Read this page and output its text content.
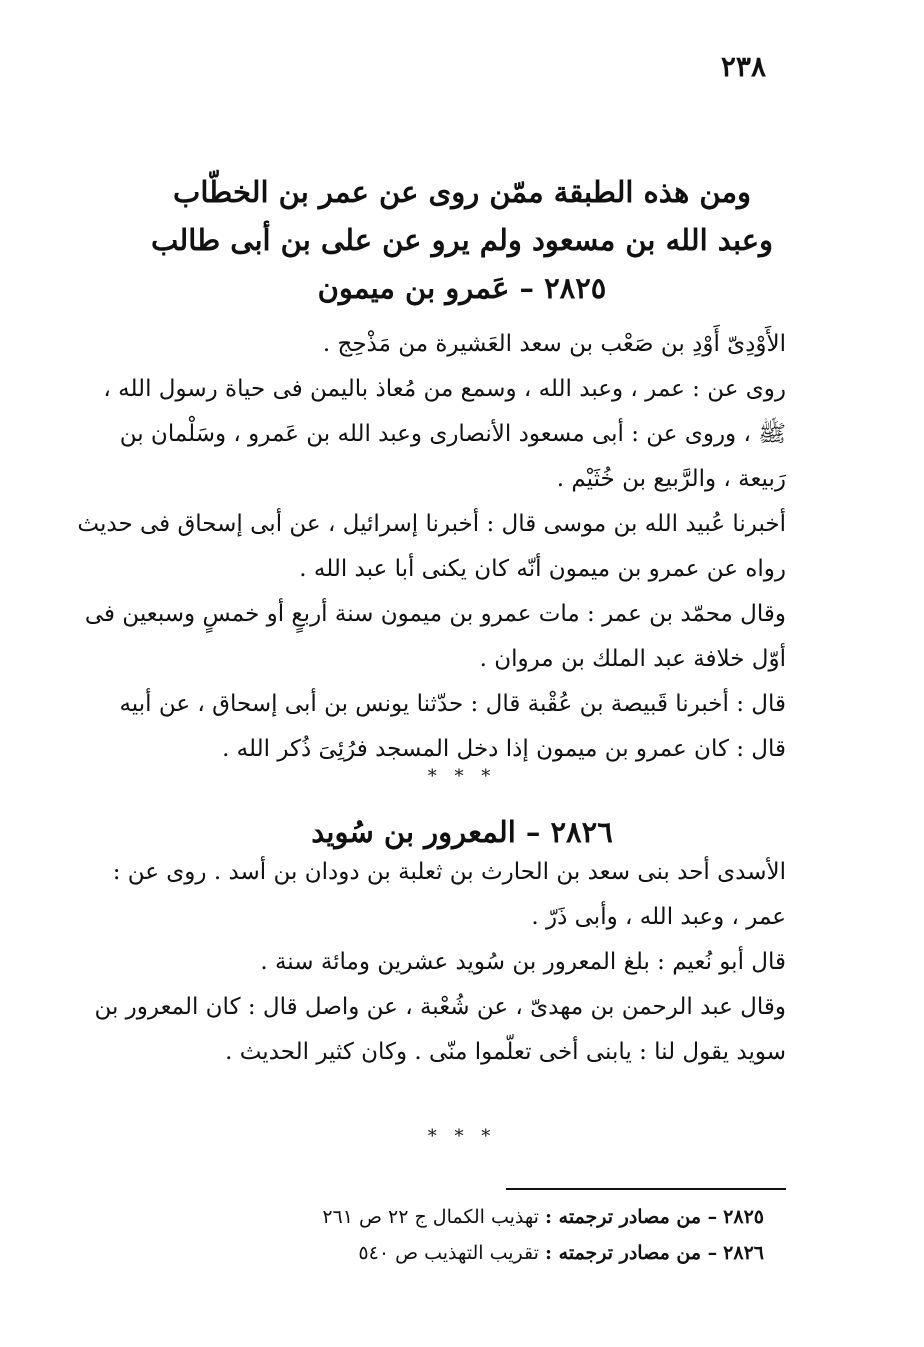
٢٣٨
ومن هذه الطبقة ممّن روى عن عمر بن الخطّاب
وعبد الله بن مسعود ولم يرو عن على بن أبى طالب
٢٨٢٥ – عَمرو بن ميمون
الأَوْدِىّ أَوْدِ بن صَعْب بن سعد العَشيرة من مَذْحِج .
روى عن : عمر ، وعبد الله ، وسمع من مُعاذ باليمن فى حياة رسول الله ،
ﷺ ، وروى عن : أبى مسعود الأنصارى وعبد الله بن عَمرو ، وسَلْمان بن
رَبيعة ، والرَّبيع بن خُثَيْم .
أخبرنا عُبيد الله بن موسى قال : أخبرنا إسرائيل ، عن أبى إسحاق فى حديث
رواه عن عمرو بن ميمون أنّه كان يكنى أبا عبد الله .
وقال محمّد بن عمر : مات عمرو بن ميمون سنة أربعٍ أو خمسٍ وسبعين فى
أوّل خلافة عبد الملك بن مروان .
قال : أخبرنا قَبيصة بن عُقْبة قال : حدّثنا يونس بن أبى إسحاق ، عن أبيه
قال : كان عمرو بن ميمون إذا دخل المسجد فرُئِىَ ذُكر الله .
* * *
٢٨٢٦ – المعرور بن سُويد
الأسدى أحد بنى سعد بن الحارث بن ثعلبة بن دودان بن أسد . روى عن :
عمر ، وعبد الله ، وأبى ذَرّ .
قال أبو نُعيم : بلغ المعرور بن سُويد عشرين ومائة سنة .
وقال عبد الرحمن بن مهدىّ ، عن شُعْبة ، عن واصل قال : كان المعرور بن
سويد يقول لنا : يابنى أخى تعلّموا منّى . وكان كثير الحديث .
* * *
٢٨٢٥ – من مصادر ترجمته : تهذيب الكمال ج ٢٢ ص ٢٦١
٢٨٢٦ – من مصادر ترجمته : تقريب التهذيب ص ٥٤٠
